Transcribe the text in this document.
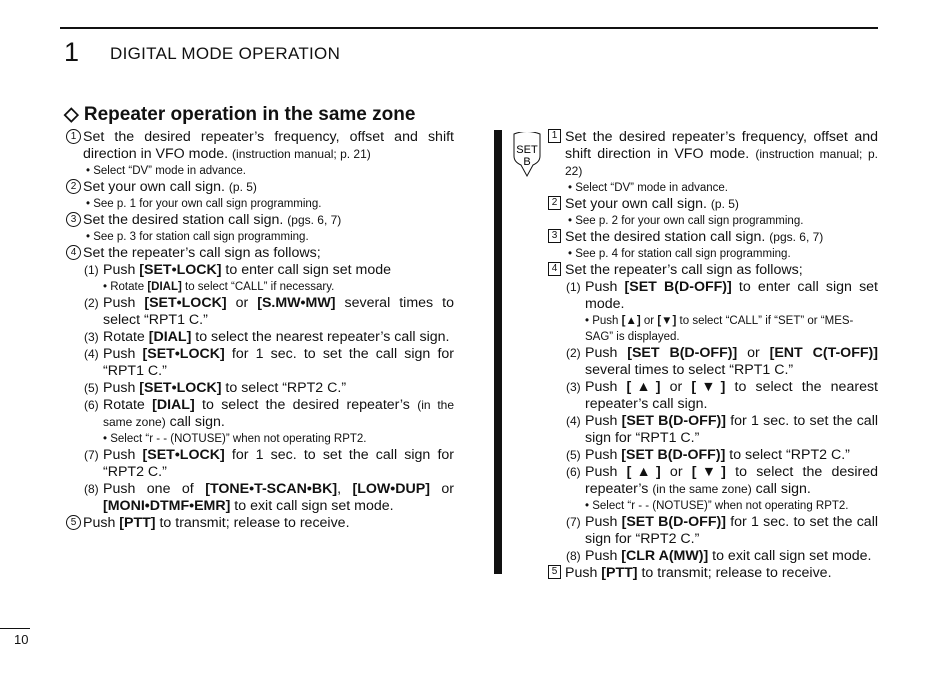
1 DIGITAL MODE OPERATION
◇ Repeater operation in the same zone
1 Set the desired repeater’s frequency, offset and shift direction in VFO mode. (instruction manual; p. 21)
• Select “DV” mode in advance.
2 Set your own call sign. (p. 5)
• See p. 1 for your own call sign programming.
3 Set the desired station call sign. (pgs. 6, 7)
• See p. 3 for station call sign programming.
4 Set the repeater’s call sign as follows;
(1) Push [SET•LOCK] to enter call sign set mode
• Rotate [DIAL] to select “CALL” if necessary.
(2) Push [SET•LOCK] or [S.MW•MW] several times to select “RPT1 C.”
(3) Rotate [DIAL] to select the nearest repeater’s call sign.
(4) Push [SET•LOCK] for 1 sec. to set the call sign for “RPT1 C.”
(5) Push [SET•LOCK] to select “RPT2 C.”
(6) Rotate [DIAL] to select the desired repeater’s (in the same zone) call sign.
• Select “r - - (NOTUSE)” when not operating RPT2.
(7) Push [SET•LOCK] for 1 sec. to set the call sign for “RPT2 C.”
(8) Push one of [TONE•T-SCAN•BK], [LOW•DUP] or [MONI•DTMF•EMR] to exit call sign set mode.
5 Push [PTT] to transmit; release to receive.
SET
B
1 Set the desired repeater’s frequency, offset and shift direction in VFO mode. (instruction manual; p. 22)
• Select “DV” mode in advance.
2 Set your own call sign. (p. 5)
• See p. 2 for your own call sign programming.
3 Set the desired station call sign. (pgs. 6, 7)
• See p. 4 for station call sign programming.
4 Set the repeater’s call sign as follows;
(1) Push [SET B(D-OFF)] to enter call sign set mode.
• Push [▲] or [▼] to select “CALL” if “SET” or “MES-SAG” is displayed.
(2) Push [SET B(D-OFF)] or [ENT C(T-OFF)] several times to select “RPT1 C.”
(3) Push [▲] or [▼] to select the nearest repeater’s call sign.
(4) Push [SET B(D-OFF)] for 1 sec. to set the call sign for “RPT1 C.”
(5) Push [SET B(D-OFF)] to select “RPT2 C.”
(6) Push [▲] or [▼] to select the desired repeater’s (in the same zone) call sign.
• Select “r - - (NOTUSE)” when not operating RPT2.
(7) Push [SET B(D-OFF)] for 1 sec. to set the call sign for “RPT2 C.”
(8) Push [CLR A(MW)] to exit call sign set mode.
5 Push [PTT] to transmit; release to receive.
10
